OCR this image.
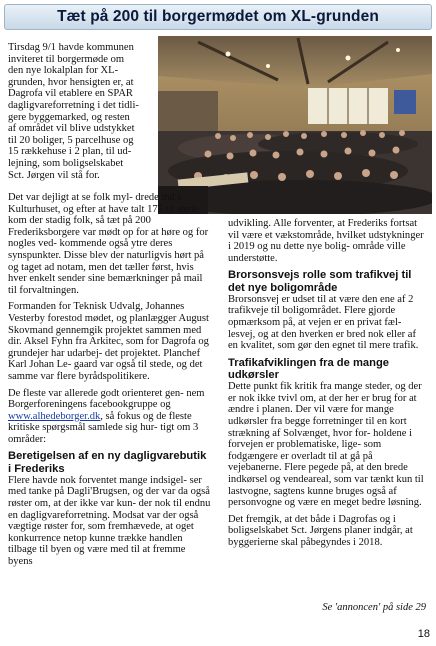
Tæt på 200 til borgermødet om XL-grunden
Tirsdag 9/1 havde kommunen
inviteret til borgermøde om
den nye lokalplan for XL-
grunden, hvor hensigten er, at
Dagrofa vil etablere en SPAR
dagligvareforretning i det tidli-
gere byggemarked, og resten
af området vil blive udstykket
til 20 boliger, 5 parcelhuse og
15 rækkehuse i 2 plan, til ud-
lejning, som boligselskabet
Sct. Jørgen vil stå for.

Det var dejligt at se folk myl- dredе ind i Kulturhuset, og efter at have talt 175 til stede, kom der stadig folk, så tæt på 200 Frederiksborgere var mødt op for at høre og for nogles ved- kommende også ytre deres synspunkter. Disse blev der naturligvis hørt på og taget ad notam, men det tæller først, hvis hver enkelt sender sine bemærkninger på mail til forvaltningen.

Formanden for Teknisk Udvalg, Johannes Vesterby forestod mødet, og planlægger August Skovmand gennemgik projektet sammen med dir. Aksel Fyhn fra Arkitec, som for Dagrofa og grundejer har udarbej- det projektet. Planchef Karl Johan Le- gaard var også til stede, og det samme var flere byrådspolitikere.

De fleste var allerede godt orienteret gen- nem Borgerforeningens facebookgruppe og www.alhedeborger.dk, så fokus og de fleste kritiske spørgsmål samlede sig hur- tigt om 3 områder:

Beretigelsen af en ny dagligvarebutik i Frederiks

Flere havde nok forventet mange indsigel- ser med tanke på Dagli'Brugsen, og der var da også røster om, at der ikke var kun- der nok til endnu en dagligvareforretning. Modsat var der også vægtige røster for, som fremhævede, at oget konkurrence netop kunne trække handlen tilbage til byen og være med til at fremme byens

udvikling. Alle forventer, at Frederiks fortsat vil være et vækstområde, hvilket udstykninger i 2019 og nu dette nye bolig- område ville understøtte.

Brorsonsvejs rolle som trafikvej til det nye boligområde

Brorsonsvej er udset til at være den ene af 2 trafikveje til boligområdet. Flere gjorde opmærksom på, at vejen er en privat fæl- lesvej, og at den hverken er bred nok eller af en kvalitet, som gør den egnet til mere trafik.

Trafikafviklingen fra de mange udkørsler

Dette punkt fik kritik fra mange steder, og der er nok ikke tvivl om, at der her er brug for at ændre i planen. Der vil være for mange udkørsler fra begge forretninger til en kort strækning af Solvænget, hvor for- holdene i forvejen er problematiske, lige- som fodgængere er overladt til at gå på vejebanerne. Flere pegede på, at den brede indkørsel og vendeareal, som var tænkt kun til lastvogne, sagtens kunne bruges også af personvogne og være en meget bedre løsning.

Det fremgik, at det både i Dagrofas og i boligselskabet Sct. Jørgens planer indgår, at byggerierne skal påbegyndes i 2018.

Se 'annoncen' på side 29
18
